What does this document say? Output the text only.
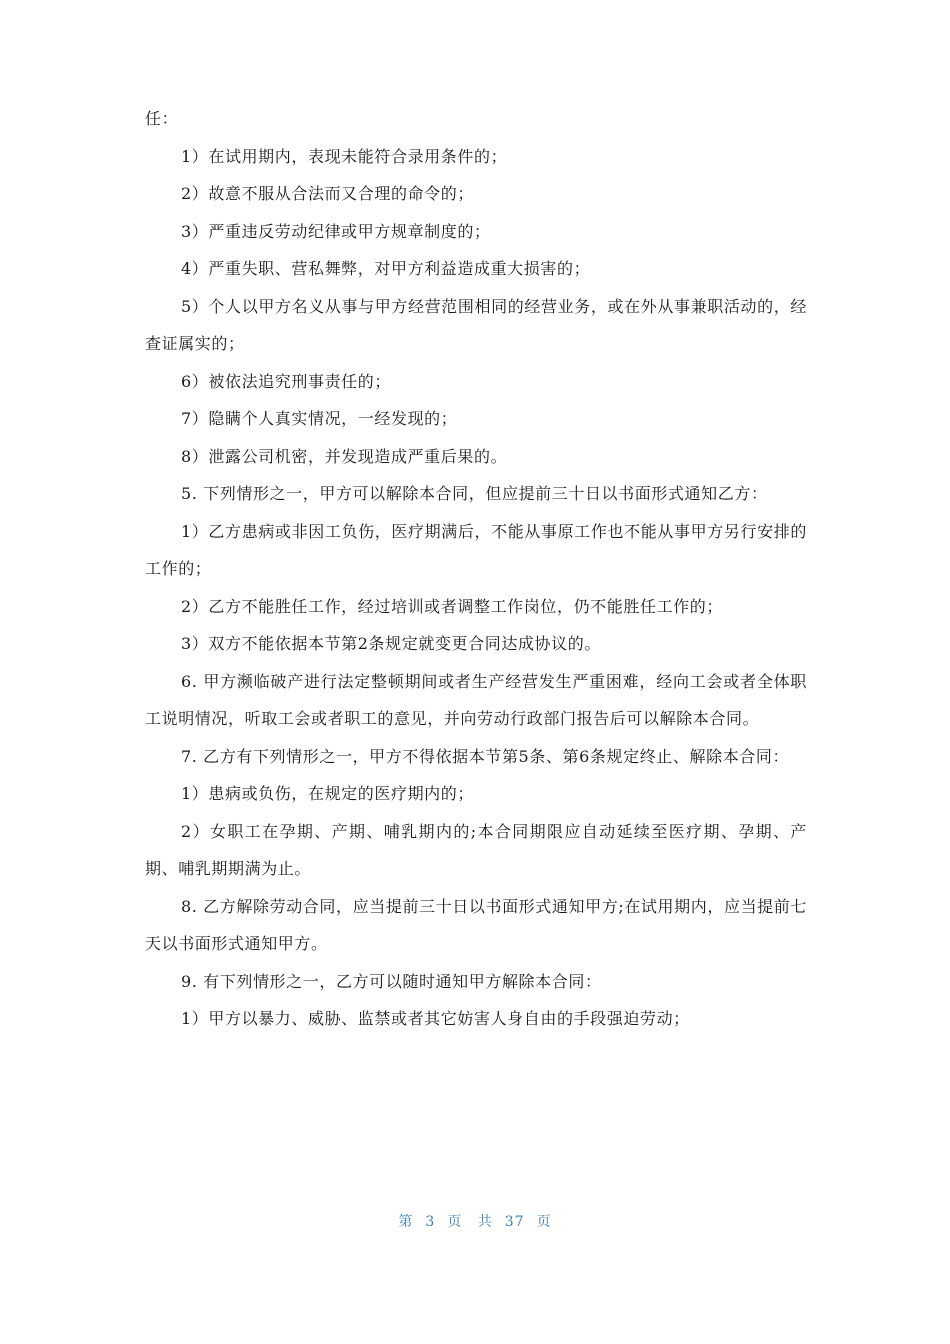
任：

1）在试用期内，表现未能符合录用条件的；

2）故意不服从合法而又合理的命令的；

3）严重违反劳动纪律或甲方规章制度的；

4）严重失职、营私舞弊，对甲方利益造成重大损害的；

5）个人以甲方名义从事与甲方经营范围相同的经营业务，或在外从事兼职活动的，经查证属实的；

6）被依法追究刑事责任的；

7）隐瞒个人真实情况，一经发现的；

8）泄露公司机密，并发现造成严重后果的。

5. 下列情形之一，甲方可以解除本合同，但应提前三十日以书面形式通知乙方：

1）乙方患病或非因工负伤，医疗期满后，不能从事原工作也不能从事甲方另行安排的工作的；

2）乙方不能胜任工作，经过培训或者调整工作岗位，仍不能胜任工作的；

3）双方不能依据本节第2条规定就变更合同达成协议的。

6. 甲方濒临破产进行法定整顿期间或者生产经营发生严重困难，经向工会或者全体职工说明情况，听取工会或者职工的意见，并向劳动行政部门报告后可以解除本合同。

7. 乙方有下列情形之一，甲方不得依据本节第5条、第6条规定终止、解除本合同：

1）患病或负伤，在规定的医疗期内的；

2）女职工在孕期、产期、哺乳期内的;本合同期限应自动延续至医疗期、孕期、产期、哺乳期期满为止。

8. 乙方解除劳动合同，应当提前三十日以书面形式通知甲方;在试用期内，应当提前七天以书面形式通知甲方。

9. 有下列情形之一，乙方可以随时通知甲方解除本合同：

1）甲方以暴力、威胁、监禁或者其它妨害人身自由的手段强迫劳动；

第 3 页 共 37 页
